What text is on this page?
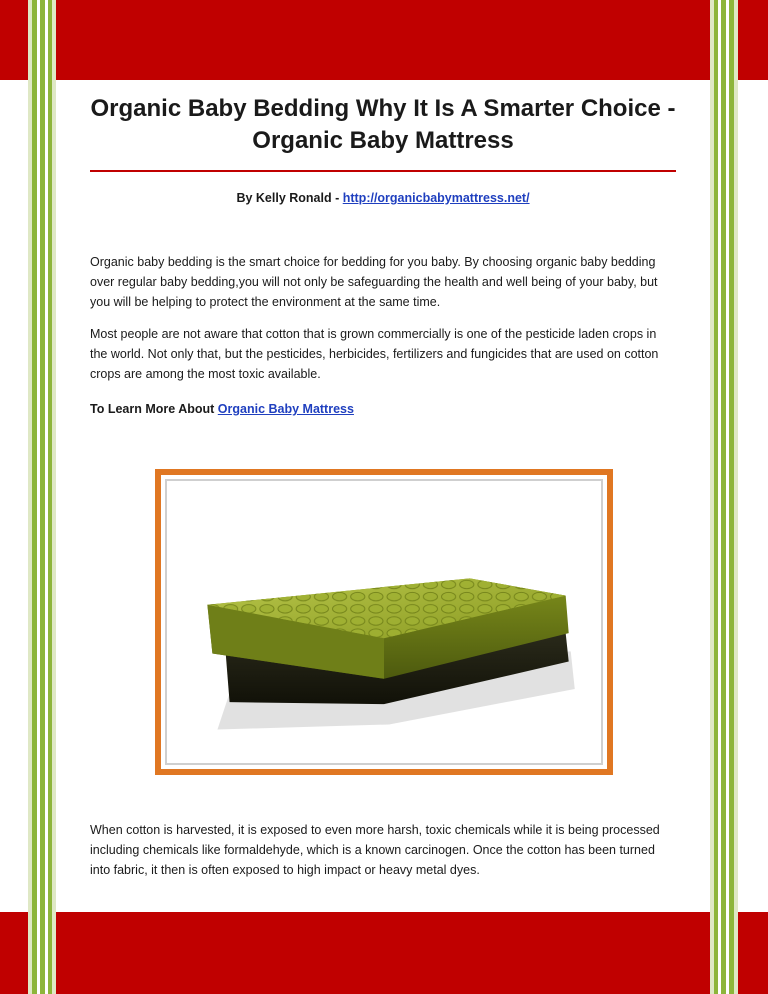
Organic Baby Bedding Why It Is A Smarter Choice -
Organic Baby Mattress
By Kelly Ronald - http://organicbabymattress.net/

Organic baby bedding is the smart choice for bedding for you baby. By choosing organic baby bedding over regular baby bedding,you will not only be safeguarding the health and well being of your baby, but you will be helping to protect the environment at the same time.

Most people are not aware that cotton that is grown commercially is one of the pesticide laden crops in the world. Not only that, but the pesticides, herbicides, fertilizers and fungicides that are used on cotton crops are among the most toxic available.

To Learn More About Organic Baby Mattress

When cotton is harvested, it is exposed to even more harsh, toxic chemicals while it is being processed including chemicals like formaldehyde, which is a known carcinogen. Once the cotton has been turned into fabric, it then is often exposed to high impact or heavy metal dyes.
